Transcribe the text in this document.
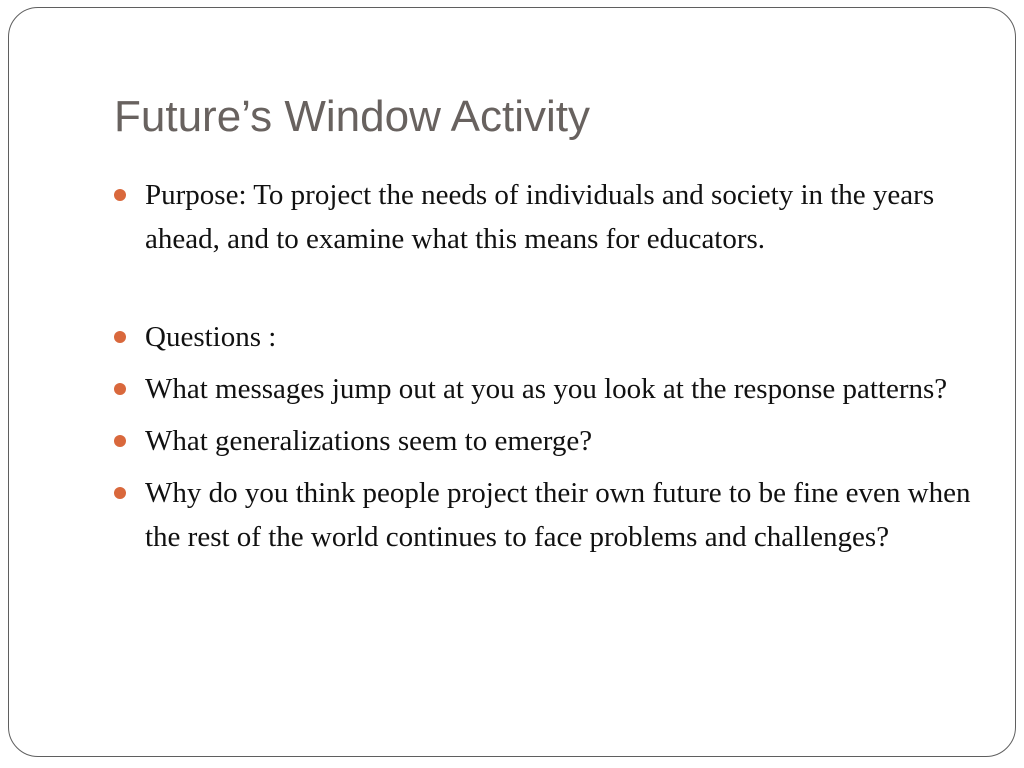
Future’s Window Activity
Purpose: To project the needs of individuals and society in the years ahead, and to examine what this means for educators.
Questions :
What messages jump out at you as you look at the response patterns?
What generalizations seem to emerge?
Why do you think people project their own future to be fine even when the rest of the world continues to face problems and challenges?
